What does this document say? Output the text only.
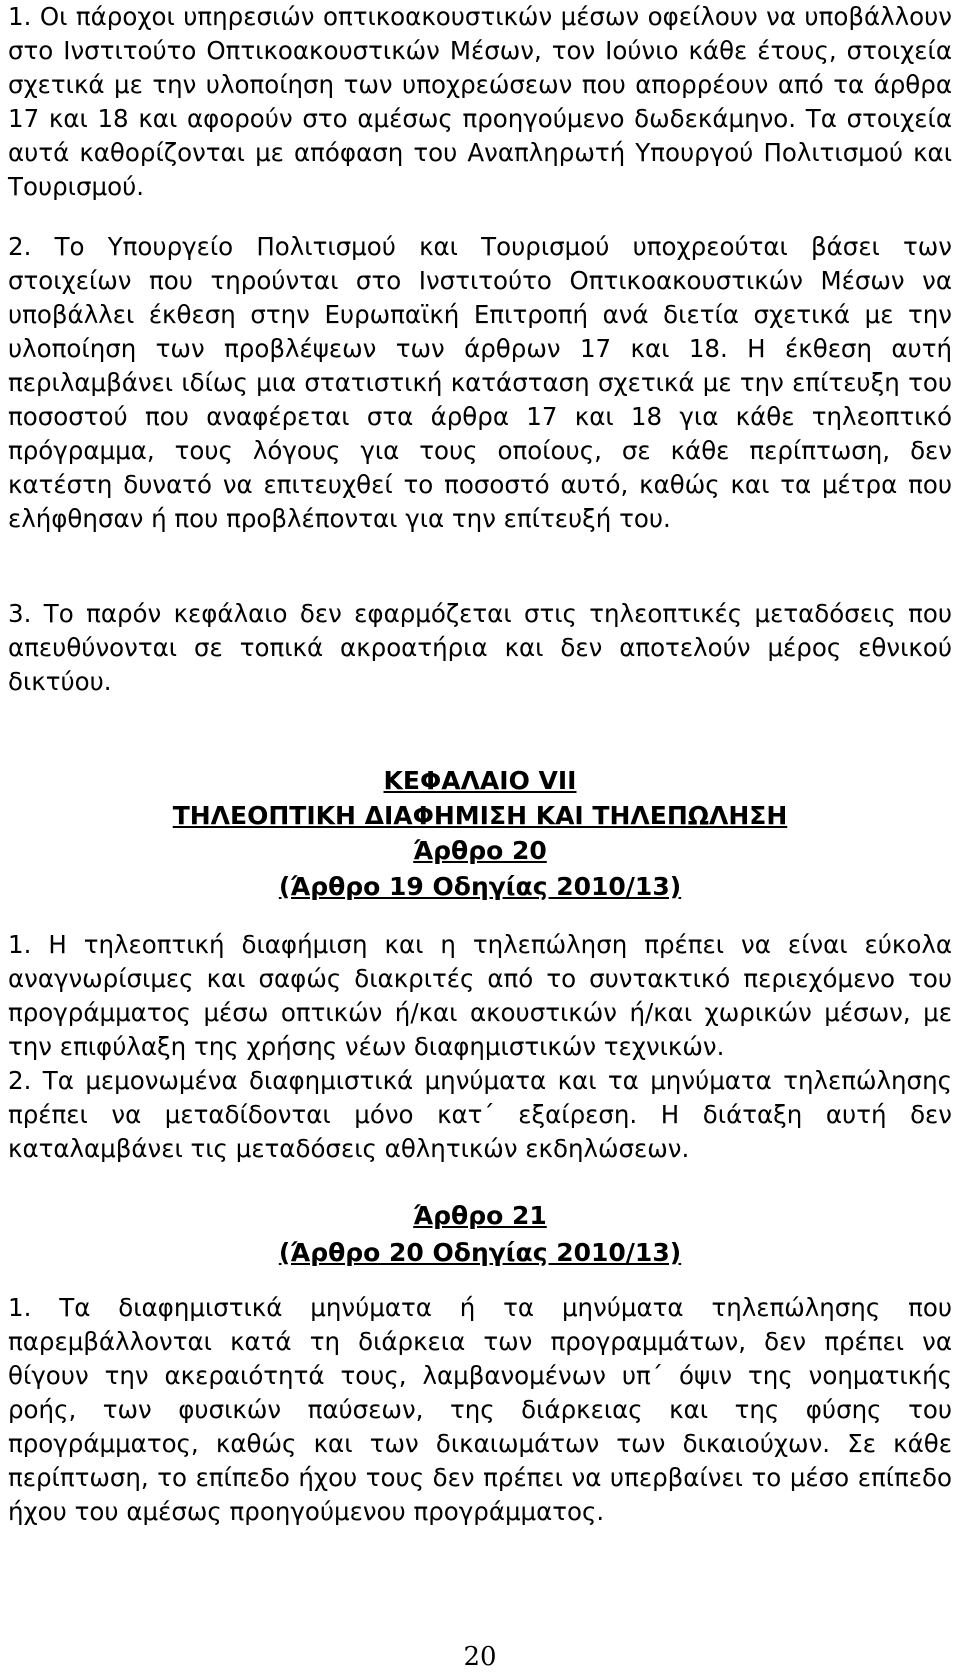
1. Οι πάροχοι υπηρεσιών οπτικοακουστικών μέσων οφείλουν να υποβάλλουν στο Ινστιτούτο Οπτικοακουστικών Μέσων, τον Ιούνιο κάθε έτους, στοιχεία σχετικά με την υλοποίηση των υποχρεώσεων που απορρέουν από τα άρθρα 17 και 18 και αφορούν στο αμέσως προηγούμενο δωδεκάμηνο. Τα στοιχεία αυτά καθορίζονται με απόφαση του Αναπληρωτή Υπουργού Πολιτισμού και Τουρισμού.

2. Το Υπουργείο Πολιτισμού και Τουρισμού υποχρεούται βάσει των στοιχείων που τηρούνται στο Ινστιτούτο Οπτικοακουστικών Μέσων να υποβάλλει έκθεση στην Ευρωπαϊκή Επιτροπή ανά διετία σχετικά με την υλοποίηση των προβλέψεων των άρθρων 17 και 18. Η έκθεση αυτή περιλαμβάνει ιδίως μια στατιστική κατάσταση σχετικά με την επίτευξη του ποσοστού που αναφέρεται στα άρθρα 17 και 18 για κάθε τηλεοπτικό πρόγραμμα, τους λόγους για τους οποίους, σε κάθε περίπτωση, δεν κατέστη δυνατό να επιτευχθεί το ποσοστό αυτό, καθώς και τα μέτρα που ελήφθησαν ή που προβλέπονται για την επίτευξή του.

3. Το παρόν κεφάλαιο δεν εφαρμόζεται στις τηλεοπτικές μεταδόσεις που απευθύνονται σε τοπικά ακροατήρια και δεν αποτελούν μέρος εθνικού δικτύου.

ΚΕΦΑΛΑΙΟ VII

ΤΗΛΕΟΠΤΙΚΗ ΔΙΑΦΗΜΙΣΗ ΚΑΙ ΤΗΛΕΠΩΛΗΣΗ

Άρθρο 20

(Άρθρο 19 Οδηγίας 2010/13)

1. Η τηλεοπτική διαφήμιση και η τηλεπώληση πρέπει να είναι εύκολα αναγνωρίσιμες και σαφώς διακριτές από το συντακτικό περιεχόμενο του προγράμματος μέσω οπτικών ή/και ακουστικών ή/και χωρικών μέσων, με την επιφύλαξη της χρήσης νέων διαφημιστικών τεχνικών.

2. Τα μεμονωμένα διαφημιστικά μηνύματα και τα μηνύματα τηλεπώλησης πρέπει να μεταδίδονται μόνο κατ΄ εξαίρεση. Η διάταξη αυτή δεν καταλαμβάνει τις μεταδόσεις αθλητικών εκδηλώσεων.

Άρθρο 21

(Άρθρο 20 Οδηγίας 2010/13)

1. Τα διαφημιστικά μηνύματα ή τα μηνύματα τηλεπώλησης που παρεμβάλλονται κατά τη διάρκεια των προγραμμάτων, δεν πρέπει να θίγουν την ακεραιότητά τους, λαμβανομένων υπ΄ όψιν της νοηματικής ροής, των φυσικών παύσεων, της διάρκειας και της φύσης του προγράμματος, καθώς και των δικαιωμάτων των δικαιούχων. Σε κάθε περίπτωση, το επίπεδο ήχου τους δεν πρέπει να υπερβαίνει το μέσο επίπεδο ήχου του αμέσως προηγούμενου προγράμματος.

20
